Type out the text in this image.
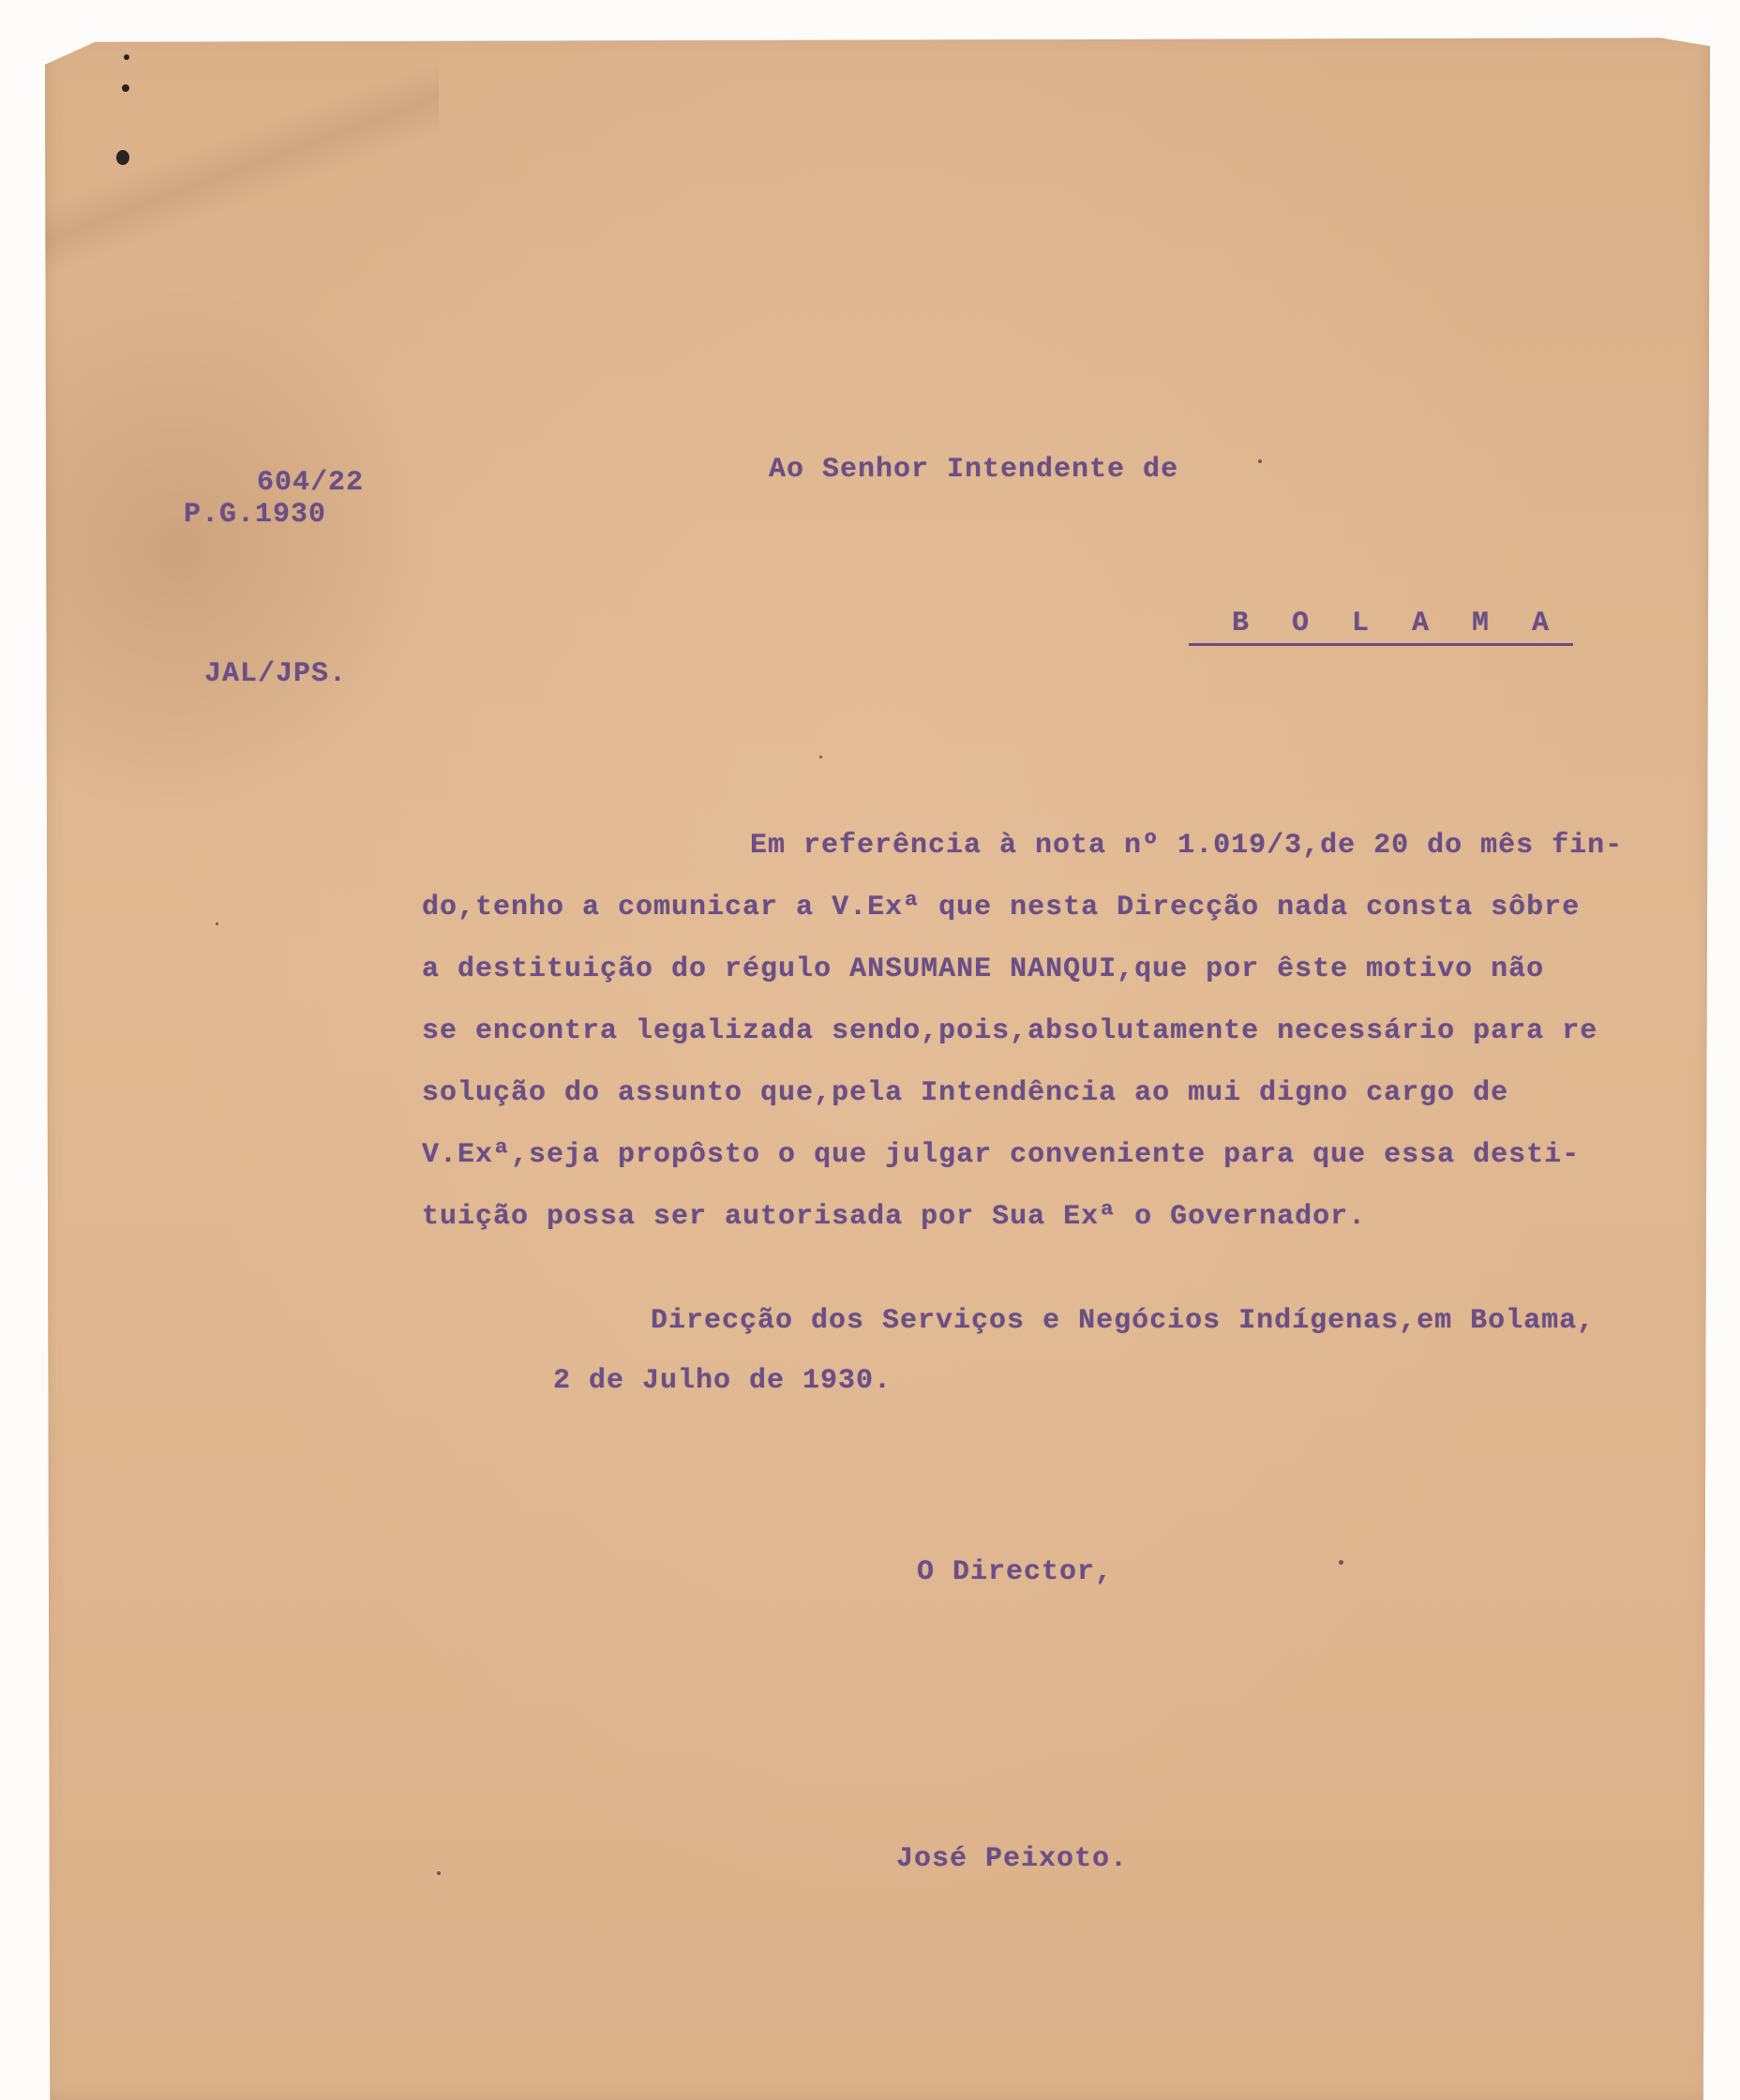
604/22
P.G.1930
JAL/JPS.
Ao Senhor Intendente de
B O L A M A
Em referência à nota nº 1.019/3,de 20 do mês fin-
do,tenho a comunicar a V.Exª que nesta Direcção nada consta sôbre
a destituição do régulo ANSUMANE NANQUI,que por êste motivo não
se encontra legalizada sendo,pois,absolutamente necessário para re
solução do assunto que,pela Intendência ao mui digno cargo de
V.Exª,seja propôsto o que julgar conveniente para que essa desti-
tuição possa ser autorisada por Sua Exª o Governador.
Direcção dos Serviços e Negócios Indígenas,em Bolama,
2 de Julho de 1930.
O Director,
José Peixoto.
